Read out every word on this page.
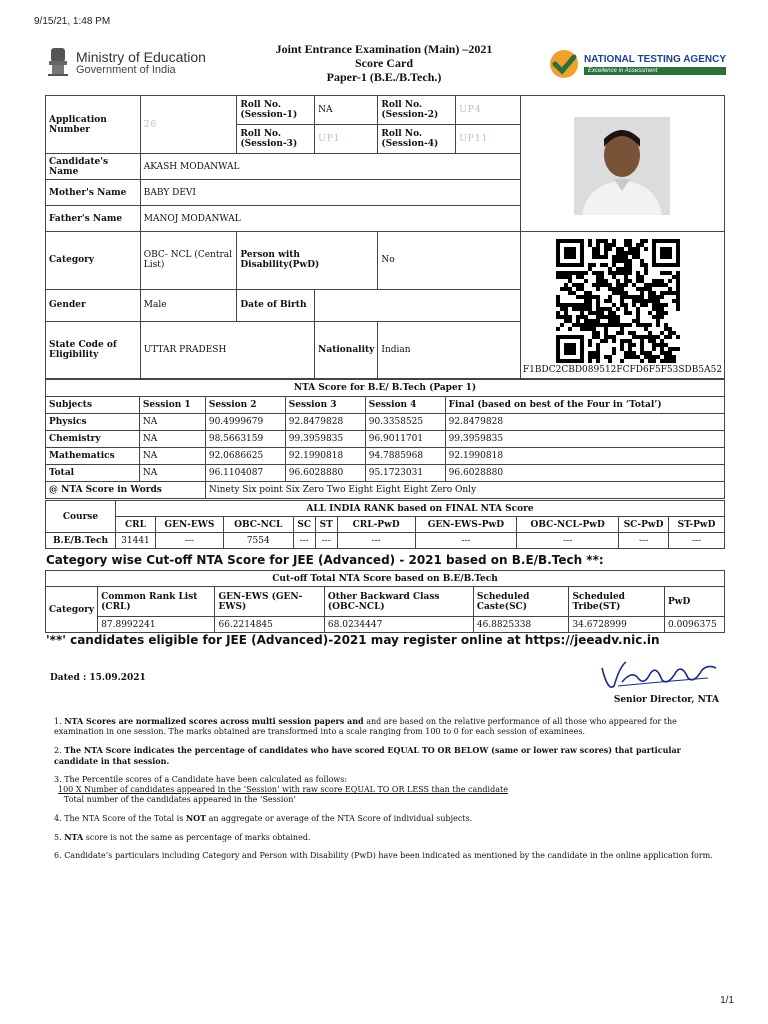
9/15/21, 1:48 PM
Ministry of Education
Government of India
Joint Entrance Examination (Main) –2021
Score Card
Paper-1 (B.E./B.Tech.)
NATIONAL TESTING AGENCY
Excellence in Assessment
Application Number	2⁢6⁢⁢⁢⁢⁢	Roll No. (Session-1)	NA	Roll No. (Session-2)	UP⁢⁢⁢⁢4	

		Roll No. (Session-3)	UP1⁢⁢⁢⁢	Roll No. (Session-4)	UP1⁢⁢⁢⁢⁢1	
Candidate's Name	AKASH MODANWAL					
Mother's Name	BABY DEVI					
Father's Name	MANOJ MODANWAL					
Category	OBC- NCL (Central List)	Person with Disability(PwD)		No		F1BDC2CBD089512FCFD6F5F53SDB5A52

Gender	Male	Date of Birth	
State Code of Eligibility	UTTAR PRADESH		Nationality	Indian		
NTA Score for B.E/ B.Tech (Paper 1)					
Subjects	Session 1	Session 2	Session 3	Session 4	Final (based on best of the Four in ‘Total’)
Physics	NA	90.4999679	92.8479828	90.3358525	92.8479828
Chemistry	NA	98.5663159	99.3959835	96.9011701	99.3959835
Mathematics	NA	92.0686625	92.1990818	94.7885968	92.1990818
Total	NA	96.1104087	96.6028880	95.1723031	96.6028880
@ NTA Score in Words		Ninety Six point Six Zero Two Eight Eight Eight Zero Only			
Course	ALL INDIA RANK based on FINAL NTA Score									
	CRL	GEN-EWS	OBC-NCL	SC	ST	CRL-PwD	GEN-EWS-PwD	OBC-NCL-PwD	SC-PwD	ST-PwD
B.E/B.Tech	31441	---	7554	---	---	---	---	---	---	---
Category wise Cut-off NTA Score for JEE (Advanced) - 2021 based on B.E/B.Tech **:
Cut-off Total NTA Score based on B.E/B.Tech						
Category	Common Rank List (CRL)	GEN-EWS (GEN-EWS)	Other Backward Class (OBC-NCL)	Scheduled Caste(SC)	Scheduled Tribe(ST)	PwD
	87.8992241	66.2214845	68.0234447	46.8825338	34.6728999	0.0096375
'**' candidates eligible for JEE (Advanced)-2021 may register online at https://jeeadv.nic.in
Dated : 15.09.2021
Senior Director, NTA

1. NTA Scores are normalized scores across multi session papers and and are based on the relative performance of all those who appeared for the examination in one session. The marks obtained are transformed into a scale ranging from 100 to 0 for each session of examinees.

2. The NTA Score indicates the percentage of candidates who have scored EQUAL TO OR BELOW (same or lower raw scores) that particular candidate in that session.

3. The Percentile scores of a Candidate have been calculated as follows:
100 X Number of candidates appeared in the ‘Session’ with raw score EQUAL TO OR LESS than the candidate
Total number of the candidates appeared in the ‘Session’

4. The NTA Score of the Total is NOT an aggregate or average of the NTA Score of individual subjects.

5. NTA score is not the same as percentage of marks obtained.

6. Candidate’s particulars including Category and Person with Disability (PwD) have been indicated as mentioned by the candidate in the online application form.

1/1
